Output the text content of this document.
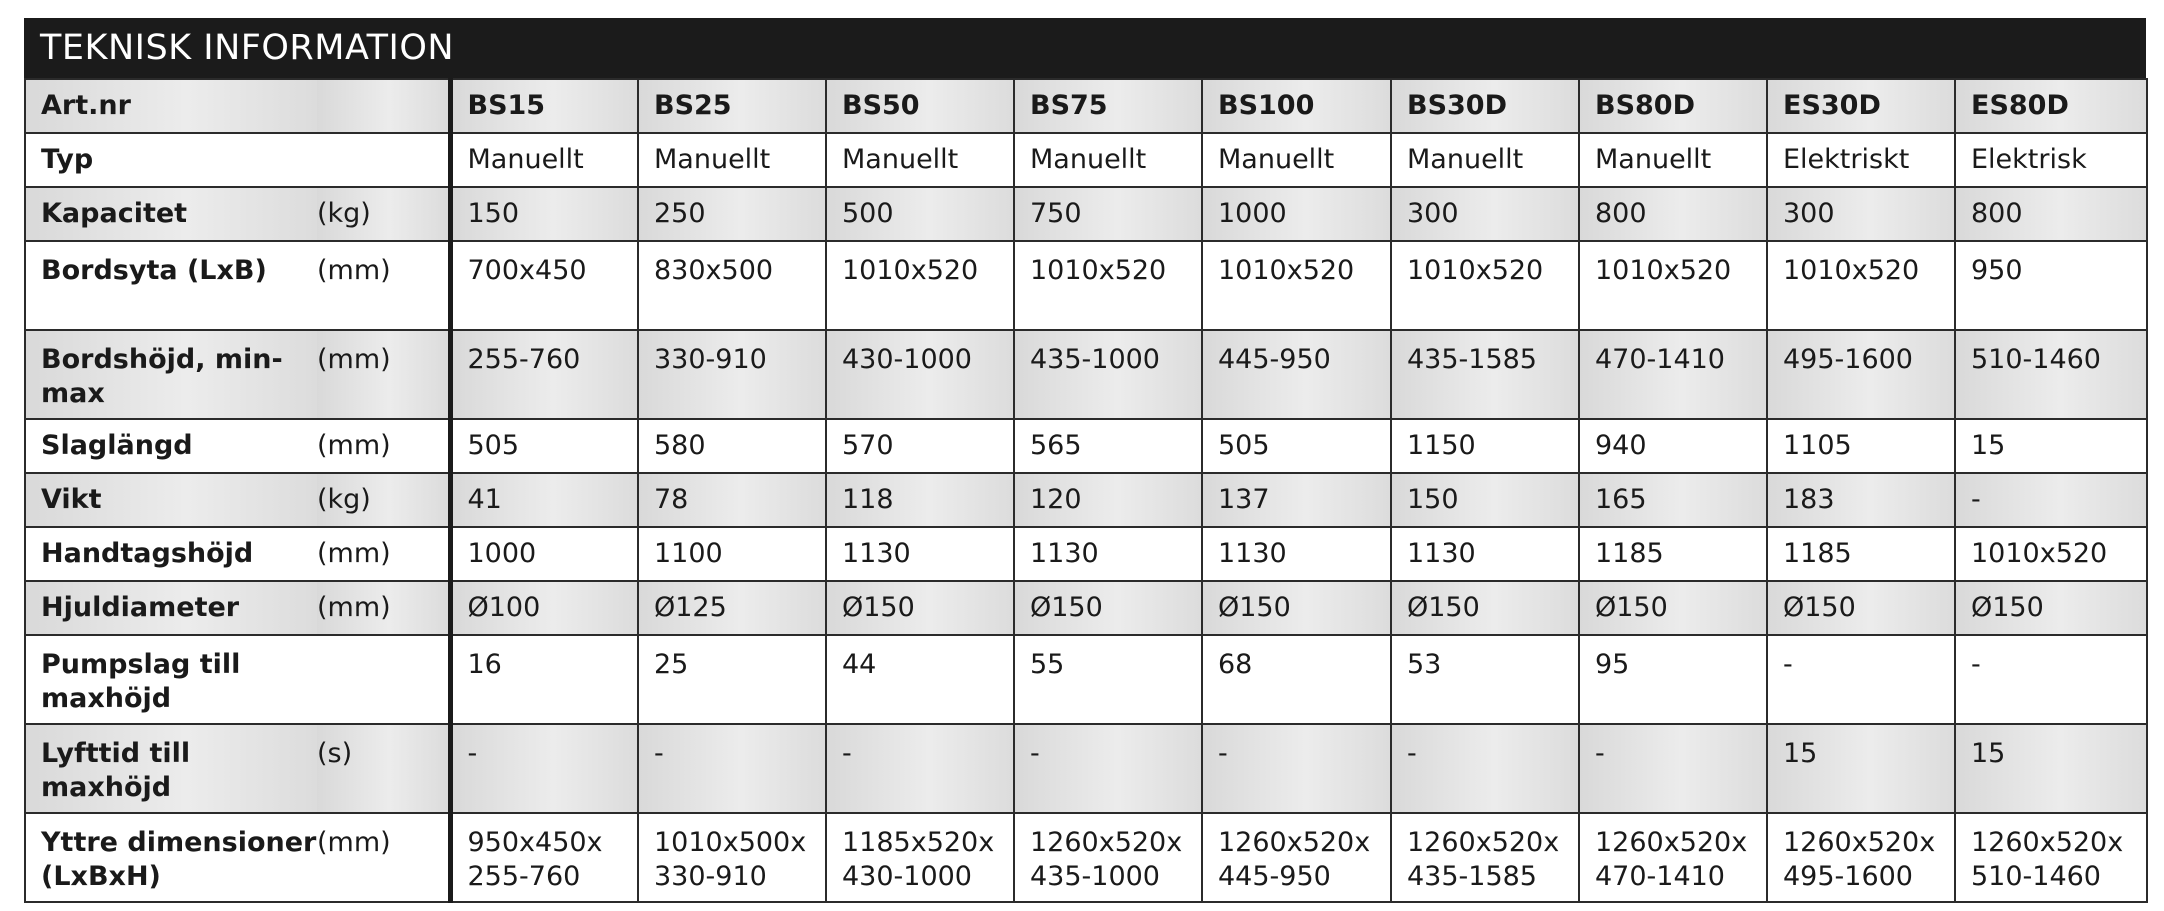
TEKNISK INFORMATION
Art.nr		BS15	BS25	BS50	BS75	BS100	BS30D	BS80D	ES30D	ES80D
Typ		Manuellt	Manuellt	Manuellt	Manuellt	Manuellt	Manuellt	Manuellt	Elektriskt	Elektrisk
Kapacitet	(kg)	150	250	500	750	1000	300	800	300	800
Bordsyta (LxB)	(mm)	700x450	830x500	1010x520	1010x520	1010x520	1010x520	1010x520	1010x520	950
Bordshöjd, min-max	(mm)	255-760	330-910	430-1000	435-1000	445-950	435-1585	470-1410	495-1600	510-1460
Slaglängd	(mm)	505	580	570	565	505	1150	940	1105	15
Vikt	(kg)	41	78	118	120	137	150	165	183	-
Handtagshöjd	(mm)	1000	1100	1130	1130	1130	1130	1185	1185	1010x520
Hjuldiameter	(mm)	Ø100	Ø125	Ø150	Ø150	Ø150	Ø150	Ø150	Ø150	Ø150
Pumpslag till maxhöjd		16	25	44	55	68	53	95	-	-
Lyfttid till maxhöjd	(s)	-	-	-	-	-	-	-	15	15
Yttre dimensioner (LxBxH)	(mm)	950x450x 255-760	1010x500x 330-910	1185x520x 430-1000	1260x520x 435-1000	1260x520x 445-950	1260x520x 435-1585	1260x520x 470-1410	1260x520x 495-1600	1260x520x 510-1460
